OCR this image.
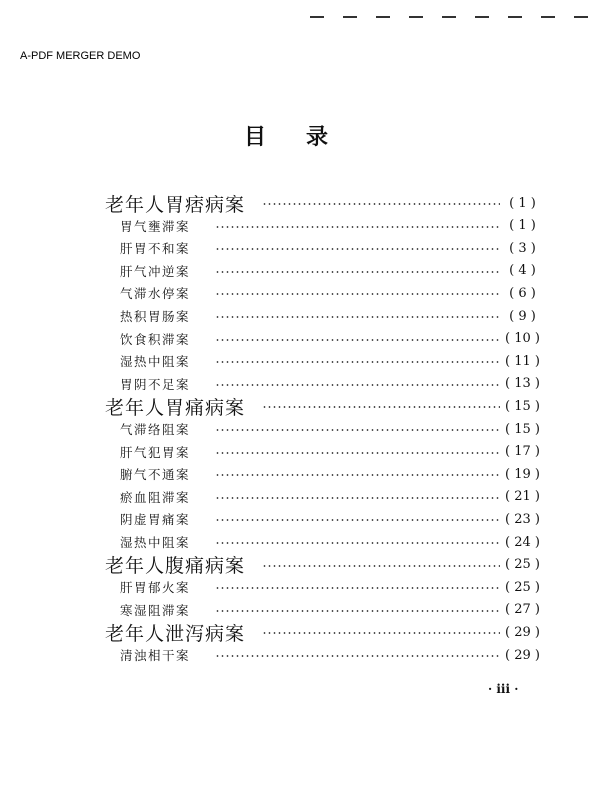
A-PDF MERGER DEMO
目录
老年人胃痞病案	( 1 )
胃气壅滞案	( 1 )
肝胃不和案	( 3 )
肝气冲逆案	( 4 )
气滞水停案	( 6 )
热积胃肠案	( 9 )
饮食积滞案	( 10 )
湿热中阻案	( 11 )
胃阴不足案	( 13 )
老年人胃痛病案	( 15 )
气滞络阻案	( 15 )
肝气犯胃案	( 17 )
腑气不通案	( 19 )
瘀血阻滞案	( 21 )
阴虚胃痛案	( 23 )
湿热中阻案	( 24 )
老年人腹痛病案	( 25 )
肝胃郁火案	( 25 )
寒湿阻滞案	( 27 )
老年人泄泻病案	( 29 )
清浊相干案	( 29 )
· iii ·
